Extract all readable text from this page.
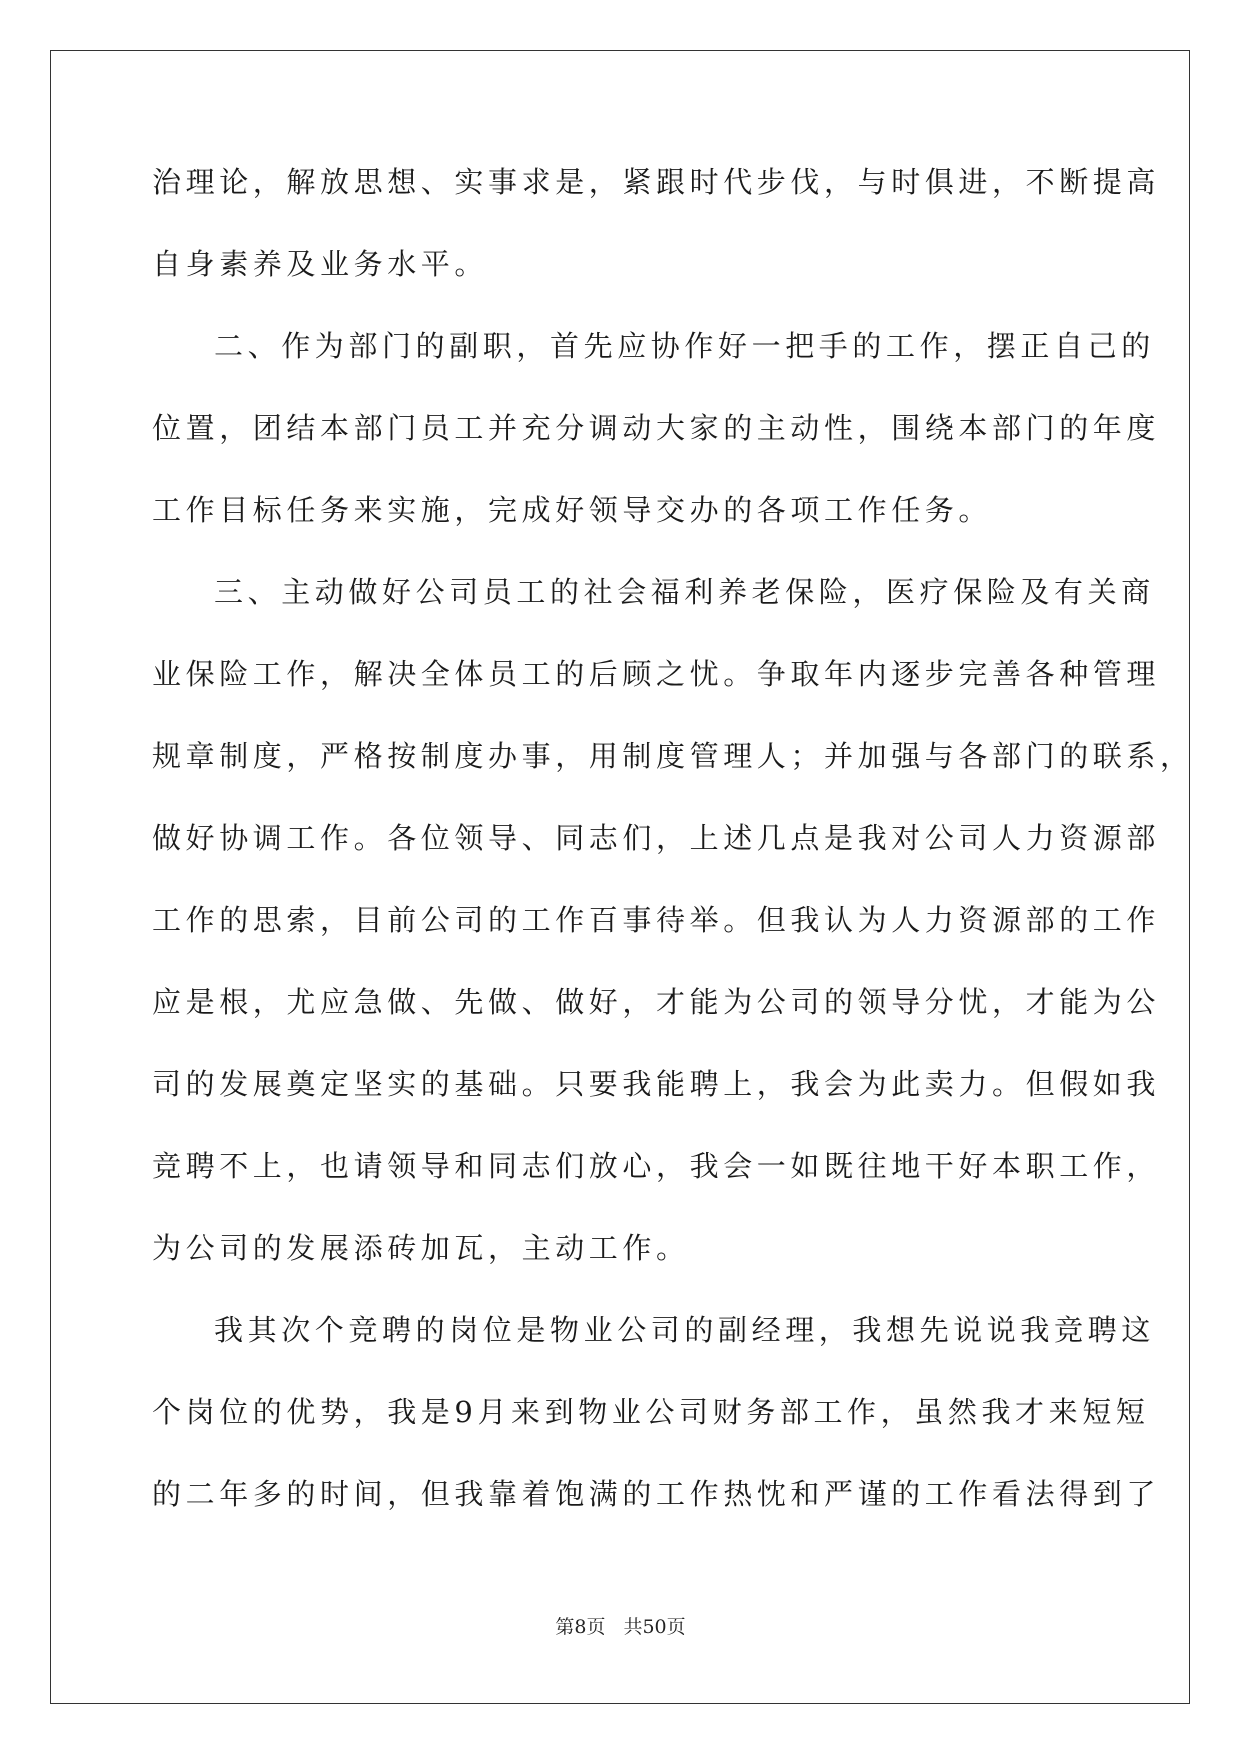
治理论，解放思想、实事求是，紧跟时代步伐，与时俱进，不断提高
自身素养及业务水平。
二、作为部门的副职，首先应协作好一把手的工作，摆正自己的
位置，团结本部门员工并充分调动大家的主动性，围绕本部门的年度
工作目标任务来实施，完成好领导交办的各项工作任务。
三、主动做好公司员工的社会福利养老保险，医疗保险及有关商
业保险工作，解决全体员工的后顾之忧。争取年内逐步完善各种管理
规章制度，严格按制度办事，用制度管理人；并加强与各部门的联系，
做好协调工作。各位领导、同志们，上述几点是我对公司人力资源部
工作的思索，目前公司的工作百事待举。但我认为人力资源部的工作
应是根，尤应急做、先做、做好，才能为公司的领导分忧，才能为公
司的发展奠定坚实的基础。只要我能聘上，我会为此卖力。但假如我
竞聘不上，也请领导和同志们放心，我会一如既往地干好本职工作，
为公司的发展添砖加瓦，主动工作。
我其次个竞聘的岗位是物业公司的副经理，我想先说说我竞聘这
个岗位的优势，我是9月来到物业公司财务部工作，虽然我才来短短
的二年多的时间，但我靠着饱满的工作热忱和严谨的工作看法得到了
第8页 共50页
